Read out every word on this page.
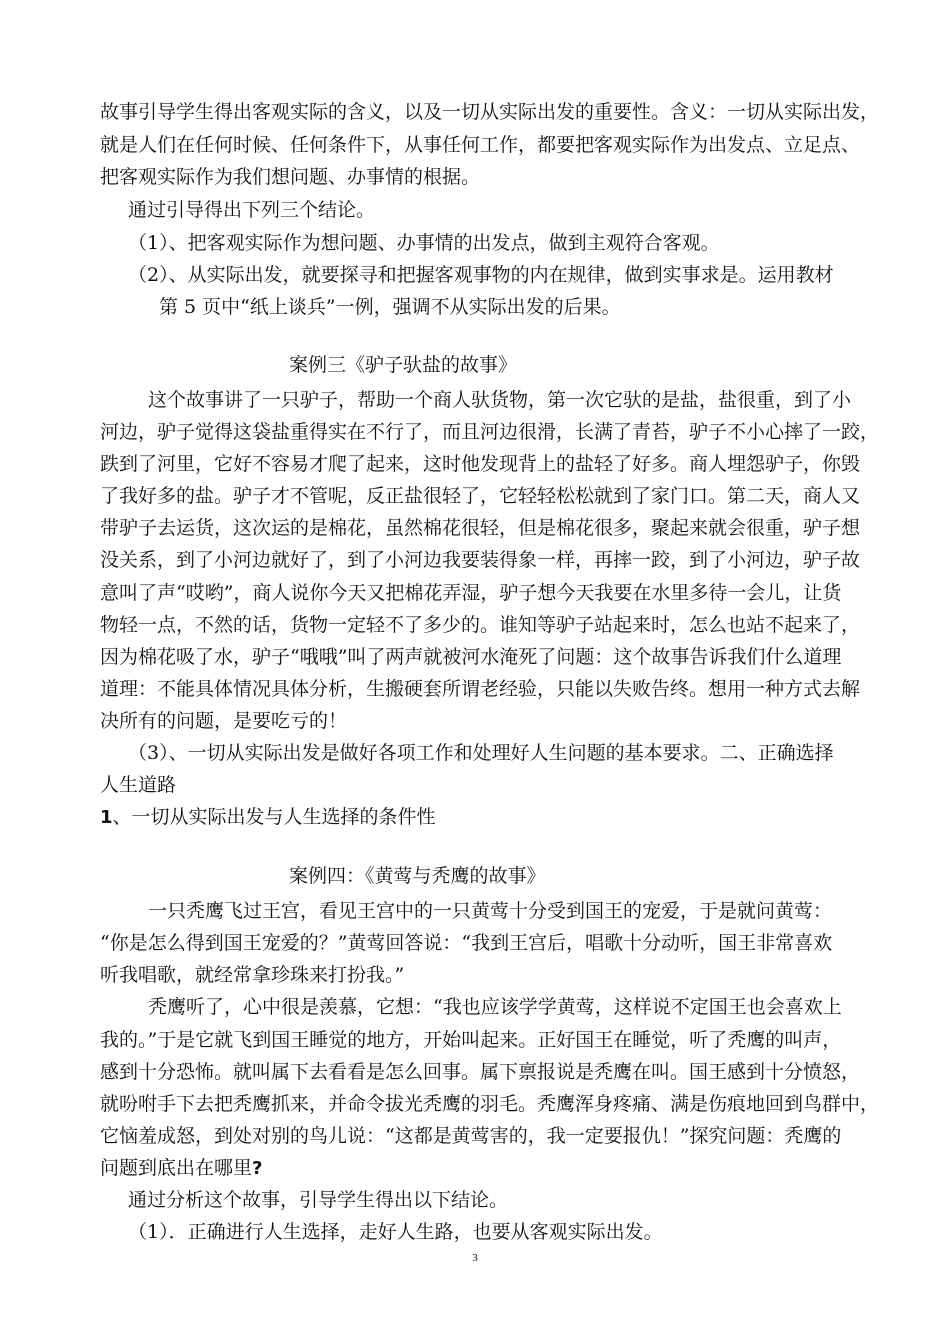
故事引导学生得出客观实际的含义，以及一切从实际出发的重要性。含义：一切从实际出发，
就是人们在任何时候、任何条件下，从事任何工作，都要把客观实际作为出发点、立足点、
把客观实际作为我们想问题、办事情的根据。
通过引导得出下列三个结论。
（1）、把客观实际作为想问题、办事情的出发点，做到主观符合客观。
（2）、从实际出发，就要探寻和把握客观事物的内在规律，做到实事求是。运用教材
第 5 页中“纸上谈兵”一例，强调不从实际出发的后果。
案例三《驴子驮盐的故事》
这个故事讲了一只驴子，帮助一个商人驮货物，第一次它驮的是盐，盐很重，到了小
河边，驴子觉得这袋盐重得实在不行了，而且河边很滑，长满了青苔，驴子不小心摔了一跤，
跌到了河里，它好不容易才爬了起来，这时他发现背上的盐轻了好多。商人埋怨驴子，你毁
了我好多的盐。驴子才不管呢，反正盐很轻了，它轻轻松松就到了家门口。第二天，商人又
带驴子去运货，这次运的是棉花，虽然棉花很轻，但是棉花很多，聚起来就会很重，驴子想
没关系，到了小河边就好了，到了小河边我要装得象一样，再摔一跤，到了小河边，驴子故
意叫了声“哎哟”，商人说你今天又把棉花弄湿，驴子想今天我要在水里多待一会儿，让货
物轻一点，不然的话，货物一定轻不了多少的。谁知等驴子站起来时，怎么也站不起来了，
因为棉花吸了水，驴子“哦哦”叫了两声就被河水淹死了问题：这个故事告诉我们什么道理
道理：不能具体情况具体分析，生搬硬套所谓老经验，只能以失败告终。想用一种方式去解
决所有的问题，是要吃亏的！
（3）、一切从实际出发是做好各项工作和处理好人生问题的基本要求。二、正确选择
人生道路
1、一切从实际出发与人生选择的条件性
案例四：《黄莺与秃鹰的故事》
一只秃鹰飞过王宫，看见王宫中的一只黄莺十分受到国王的宠爱，于是就问黄莺：
“你是怎么得到国王宠爱的？”黄莺回答说：“我到王宫后，唱歌十分动听，国王非常喜欢
听我唱歌，就经常拿珍珠来打扮我。”
秃鹰听了，心中很是羡慕，它想：“我也应该学学黄莺，这样说不定国王也会喜欢上
我的。”于是它就飞到国王睡觉的地方，开始叫起来。正好国王在睡觉，听了秃鹰的叫声，
感到十分恐怖。就叫属下去看看是怎么回事。属下禀报说是秃鹰在叫。国王感到十分愤怒，
就吩咐手下去把秃鹰抓来，并命令拔光秃鹰的羽毛。秃鹰浑身疼痛、满是伤痕地回到鸟群中，
它恼羞成怒，到处对别的鸟儿说：“这都是黄莺害的，我一定要报仇！”探究问题：秃鹰的
问题到底出在哪里?
通过分析这个故事，引导学生得出以下结论。
（1）．正确进行人生选择，走好人生路，也要从客观实际出发。
3
